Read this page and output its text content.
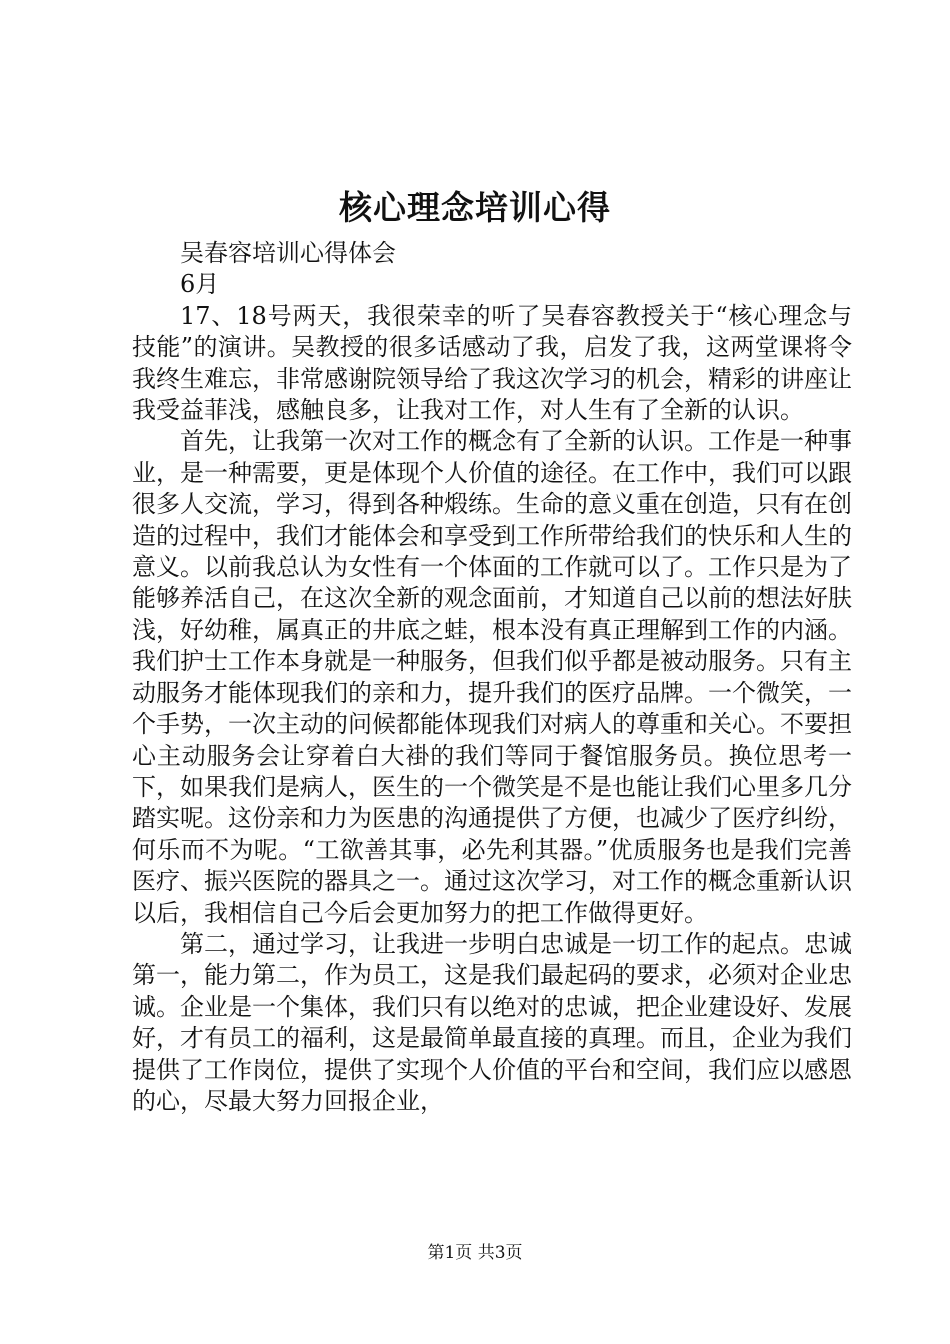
核心理念培训心得

吴春容培训心得体会

6月

17、18号两天，我很荣幸的听了吴春容教授关于“核心理念与技能”的演讲。吴教授的很多话感动了我，启发了我，这两堂课将令我终生难忘，非常感谢院领导给了我这次学习的机会，精彩的讲座让我受益菲浅，感触良多，让我对工作，对人生有了全新的认识。

首先，让我第一次对工作的概念有了全新的认识。工作是一种事业，是一种需要，更是体现个人价值的途径。在工作中，我们可以跟很多人交流，学习，得到各种煅练。生命的意义重在创造，只有在创造的过程中，我们才能体会和享受到工作所带给我们的快乐和人生的意义。以前我总认为女性有一个体面的工作就可以了。工作只是为了能够养活自己，在这次全新的观念面前，才知道自己以前的想法好肤浅，好幼稚，属真正的井底之蛙，根本没有真正理解到工作的内涵。我们护士工作本身就是一种服务，但我们似乎都是被动服务。只有主动服务才能体现我们的亲和力，提升我们的医疗品牌。一个微笑，一个手势，一次主动的问候都能体现我们对病人的尊重和关心。不要担心主动服务会让穿着白大褂的我们等同于餐馆服务员。换位思考一下，如果我们是病人，医生的一个微笑是不是也能让我们心里多几分踏实呢。这份亲和力为医患的沟通提供了方便，也减少了医疗纠纷，何乐而不为呢。“工欲善其事，必先利其器。”优质服务也是我们完善医疗、振兴医院的器具之一。通过这次学习，对工作的概念重新认识以后，我相信自己今后会更加努力的把工作做得更好。

第二，通过学习，让我进一步明白忠诚是一切工作的起点。忠诚第一，能力第二，作为员工，这是我们最起码的要求，必须对企业忠诚。企业是一个集体，我们只有以绝对的忠诚，把企业建设好、发展好，才有员工的福利，这是最简单最直接的真理。而且，企业为我们提供了工作岗位，提供了实现个人价值的平台和空间，我们应以感恩的心，尽最大努力回报企业，

第1页 共3页
